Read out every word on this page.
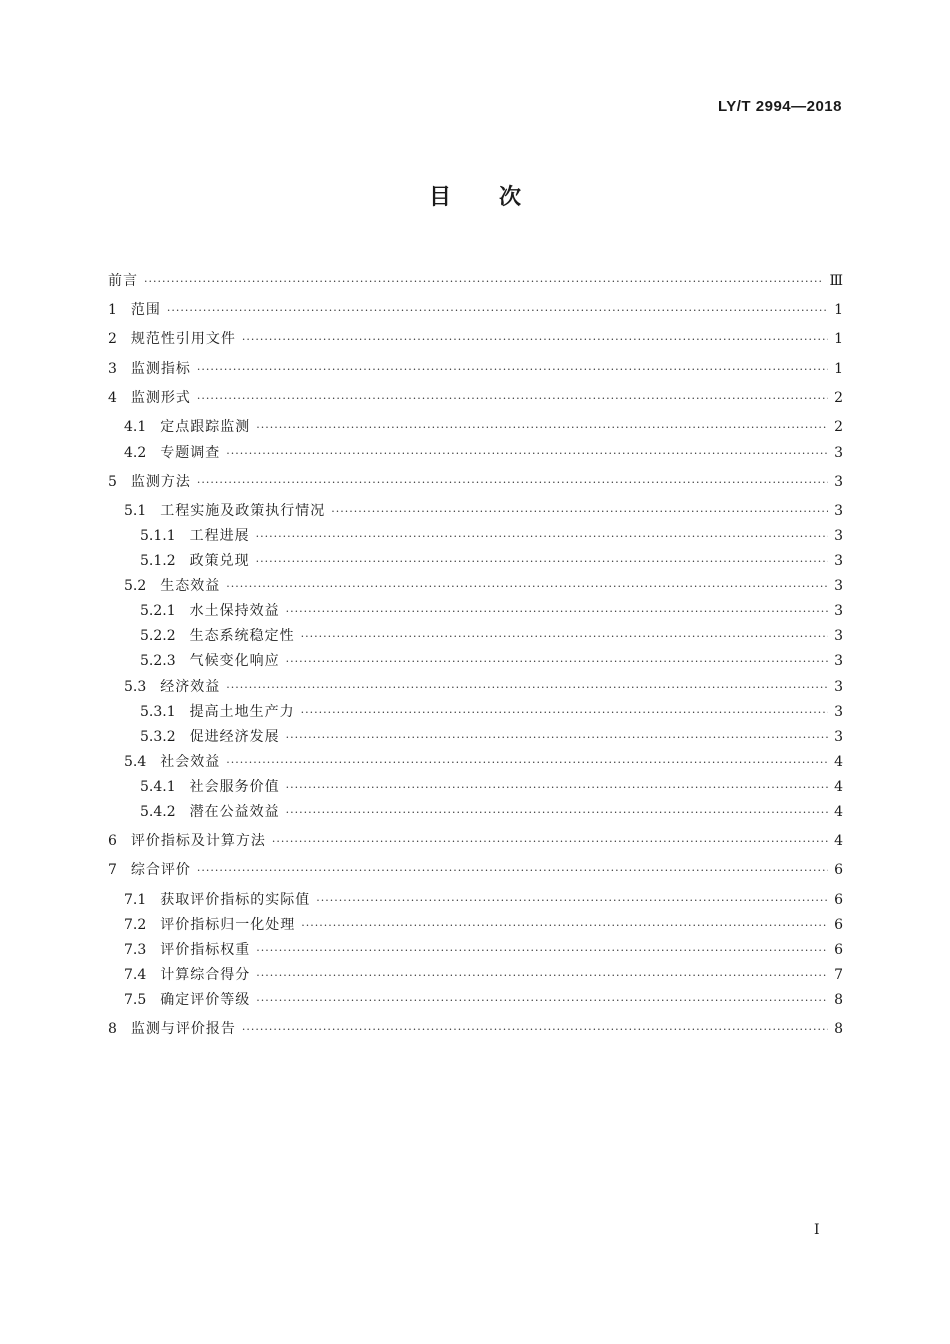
LY/T 2994—2018
目次
前言 ·····	Ⅲ
1 范围 ·····	1
2 规范性引用文件 ·····	1
3 监测指标 ·····	1
4 监测形式 ·····	2
4.1 定点跟踪监测 ·····	2
4.2 专题调查 ·····	3
5 监测方法 ·····	3
5.1 工程实施及政策执行情况 ·····	3
5.1.1 工程进展 ·····	3
5.1.2 政策兑现 ·····	3
5.2 生态效益 ·····	3
5.2.1 水土保持效益 ·····	3
5.2.2 生态系统稳定性 ·····	3
5.2.3 气候变化响应 ·····	3
5.3 经济效益 ·····	3
5.3.1 提高土地生产力 ·····	3
5.3.2 促进经济发展 ·····	3
5.4 社会效益 ·····	4
5.4.1 社会服务价值 ·····	4
5.4.2 潜在公益效益 ·····	4
6 评价指标及计算方法 ·····	4
7 综合评价 ·····	6
7.1 获取评价指标的实际值 ·····	6
7.2 评价指标归一化处理 ·····	6
7.3 评价指标权重 ·····	6
7.4 计算综合得分 ·····	7
7.5 确定评价等级 ·····	8
8 监测与评价报告 ·····	8
I
